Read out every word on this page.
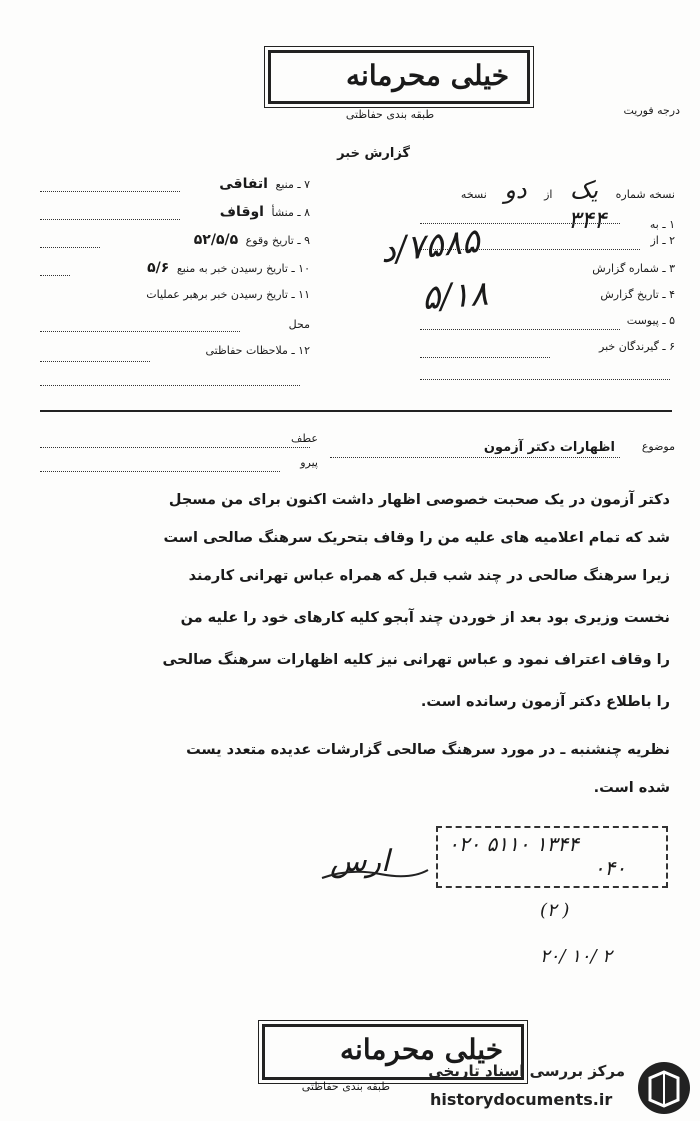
خیلی محرمانه
طبقه بندی حفاظتی	درجه فوریت
گزارش خبر
نسخه شماره یک از دو نسخه
۱ ـ به ۳۴۴
۲ ـ از
۳ ـ شماره گزارش
۷۵۸۵/د
۴ ـ تاریخ گزارش
۵/۱۸
۵ ـ پیوست
۶ ـ گیرندگان خبر
۷ ـ منبع اتفاقی
۸ ـ منشأ اوقاف
۹ ـ تاریخ وقوع ۵۲/۵/۵
۱۰ ـ تاریخ رسیدن خبر به منبع ۵/۶
۱۱ ـ تاریخ رسیدن خبر برهبر عملیات
محل
۱۲ ـ ملاحظات حفاظتی
عطف
پیرو
موضوع
اظهارات دکتر آزمون
دکتر آزمون در یک صحبت خصوصی اظهار داشت اکنون برای من مسجل
شد که تمام اعلامیه های علیه من را وقاف بتحریک سرهنگ صالحی است
زیرا سرهنگ صالحی در چند شب قبل که همراه عباس تهرانی کارمند
نخست وزیری بود بعد از خوردن چند آبجو کلیه کارهای خود را علیه من
را وقاف اعتراف نمود و عباس تهرانی نیز کلیه اظهارات سرهنگ صالحی
را باطلاع دکتر آزمون رسانده است.
نظریه چنشنبه ـ در مورد سرهنگ صالحی گزارشات عدیده متعدد یست
شده است.
ارس	۰۲۰ ۵۱۱۰ ۱۳۴۴
۰۴۰
(۲ )
۲۰/ ۱۰/ ۲
خیلی محرمانه
طبقه بندی حفاظتی
مرکز بررسی اسناد تاریخی
historydocuments.ir
